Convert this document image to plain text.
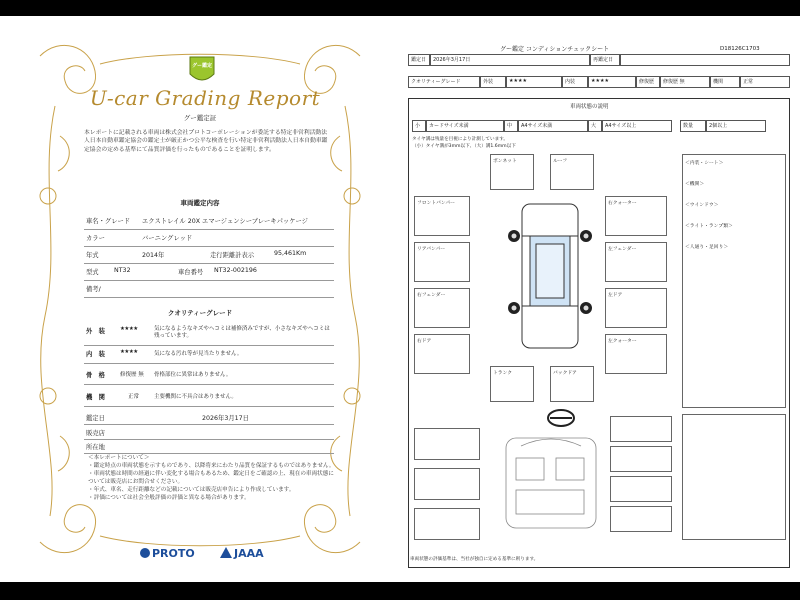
グー鑑定
U-car Grading Report
グー鑑定証
本レポートに記載される車両は株式会社プロトコーポレーションが委託する特定非営利活動法人日本自動車鑑定協会の鑑定士が厳正かつ公平な検査を行い特定非営利活動法人日本自動車鑑定協会の定める基準にて品質評価を行ったものであることを証明します。
車両鑑定内容
車名・グレード エクストレイル 20X エマージェンシーブレーキパッケージ
カラー	バーニングレッド
年式	2014年	走行距離計表示	95,461Km
型式 NT32	車台番号 NT32-002196
備考/
クオリティーグレード
外　装	★★★★	気になるようなキズやヘコミは補修済みですが、小さなキズやヘコミは残っています。
内　装	★★★★	気になる汚れ等が見当たりません。
骨　格	修復歴 無 骨格部位に異常はありません。
機　関	正常	主要機関に不具合はありません。
鑑定日	2026年3月17日
販売店
所在地
＜本レポートについて＞
・鑑定時点の車両状態を示すものであり、以降将来にわたり品質を保証するものではありません。
・車両状態は時間の経過に伴い変化する場合もあるため、鑑定日をご確認の上、現在の車両状態については販売店にお問合せください。
・年式、車名、走行距離などの記載については販売店申告により作成しています。
・評価については社会全般評価の評価と異なる場合があります。
PROTO	JAAA
グー鑑定 コンディションチェックシート	D18126C1703
鑑定日	2026年3月17日	再鑑定日
クオリティーグレード	外装	★★★★	内装	★★★★	修復歴	修復歴 無	機関	正常
車両状態の説明
小	カードサイズ未満	中	A4サイズ未満	大	A4サイズ以上	数量	2個以上
タイヤ溝は残量を目視により計測しています。
（小）タイヤ溝が3mm以下、（大）溝1.6mm以下
ボンネット	ルーフ
フロントバンパー
リアバンパー
右フェンダー
右ドア
右クォーター
左フェンダー
左ドア
左クォーター
トランク	バックドア
＜内装・シート＞
＜機関＞
＜ウインドウ＞
＜ライト・ランプ類＞
＜人通り・足回り＞
車両状態の評価基準は、当社が独自に定める基準に則ります。
